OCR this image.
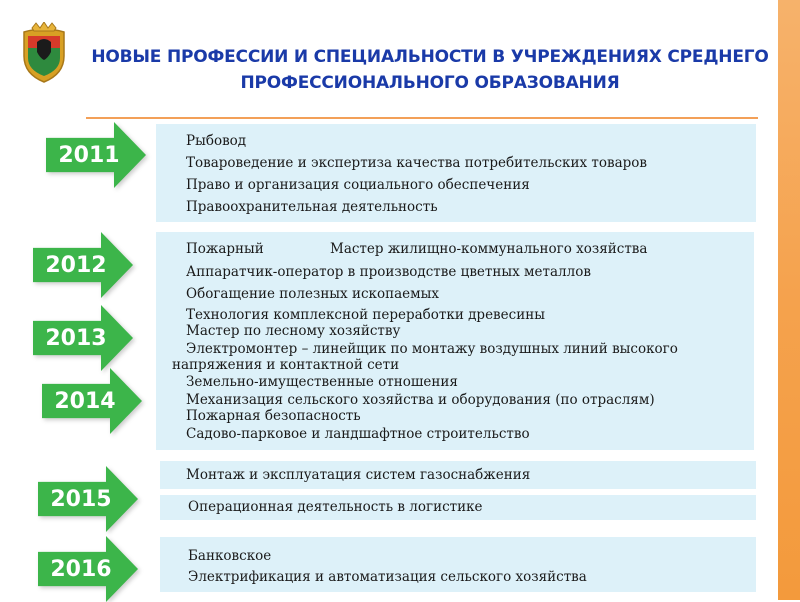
НОВЫЕ ПРОФЕССИИ И СПЕЦИАЛЬНОСТИ В УЧРЕЖДЕНИЯХ СРЕДНЕГО
ПРОФЕССИОНАЛЬНОГО ОБРАЗОВАНИЯ
2011
Рыбовод
Товароведение и экспертиза качества потребительских товаров
Право и организация социального обеспечения
Правоохранительная деятельность
2012
2013
2014
Пожарный	Мастер жилищно-коммунального хозяйства
Аппаратчик-оператор в производстве цветных металлов
Обогащение полезных ископаемых
Технология комплексной переработки древесины
Мастер по лесному хозяйству
Электромонтер – линейщик по монтажу воздушных линий высокого
напряжения и контактной сети
Земельно-имущественные отношения
Механизация сельского хозяйства и оборудования (по отраслям)
Пожарная безопасность
Садово-парковое и ландшафтное строительство
2015
Монтаж и эксплуатация систем газоснабжения
Операционная деятельность в логистике
2016
Банковское
Электрификация и автоматизация сельского хозяйства
